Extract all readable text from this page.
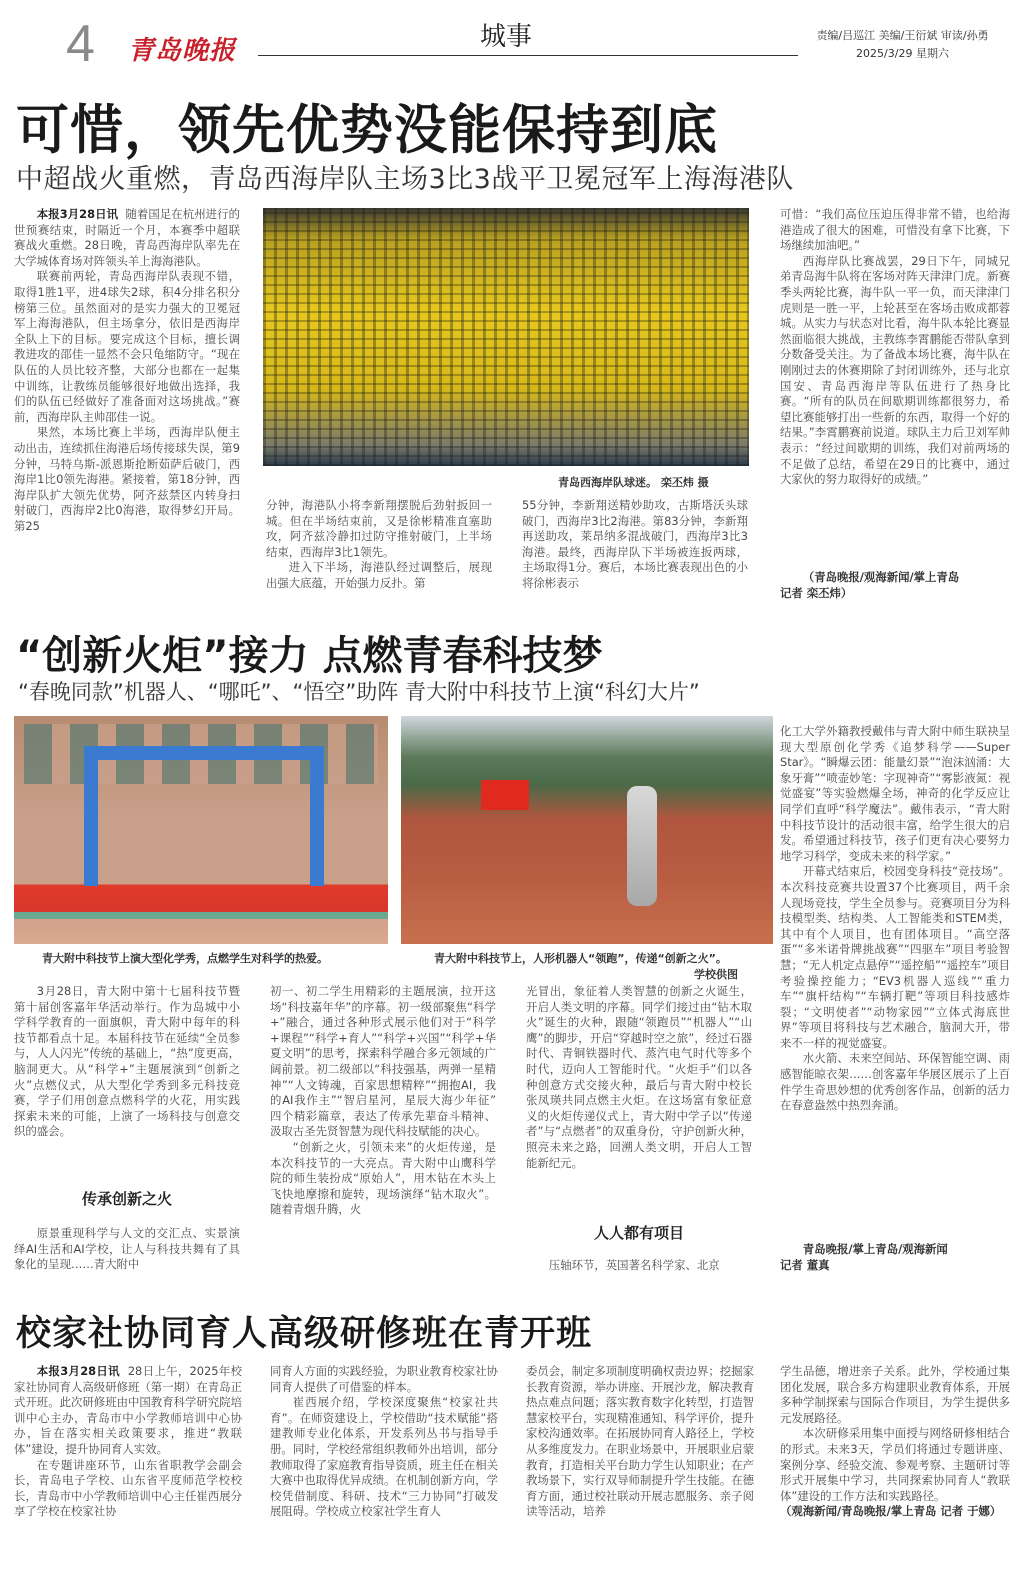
4 青岛晚报	城事	责编/吕巡江 美编/王衍斌 审读/孙勇
2025/3/29 星期六
可惜，领先优势没能保持到底
中超战火重燃，青岛西海岸队主场3比3战平卫冕冠军上海海港队

本报3月28日讯 随着国足在杭州进行的世预赛结束，时隔近一个月，本赛季中超联赛战火重燃。28日晚，青岛西海岸队率先在大学城体育场对阵领头羊上海海港队。

联赛前两轮，青岛西海岸队表现不错，取得1胜1平，进4球失2球，积4分排名积分榜第三位。虽然面对的是实力强大的卫冕冠军上海海港队，但主场拿分，依旧是西海岸全队上下的目标。要完成这个目标，擅长调教进攻的邵佳一显然不会只龟缩防守。“现在队伍的人员比较齐整，大部分也都在一起集中训练，让教练员能够很好地做出选择，我们的队伍已经做好了准备面对这场挑战。”赛前，西海岸队主帅邵佳一说。

果然，本场比赛上半场，西海岸队便主动出击，连续抓住海港后场传接球失误，第9分钟，马特乌斯-派恩斯抢断茹萨后破门，西海岸1比0领先海港。紧接着，第18分钟，西海岸队扩大领先优势，阿齐兹禁区内转身扫射破门，西海岸2比0海港，取得梦幻开局。第25

青岛西海岸队球迷。 栾丕炜 摄

分钟，海港队小将李新翔摆脱后劲射扳回一城。但在半场结束前，又是徐彬精准直塞助攻，阿齐兹冷静扣过防守推射破门，上半场结束，西海岸3比1领先。

进入下半场，海港队经过调整后，展现出强大底蕴，开始强力反扑。第

55分钟，李新翔送精妙助攻，古斯塔沃头球破门，西海岸3比2海港。第83分钟，李新翔再送助攻，莱昂纳多混战破门，西海岸3比3海港。最终，西海岸队下半场被连扳两球，主场取得1分。赛后，本场比赛表现出色的小将徐彬表示

可惜：“我们高位压迫压得非常不错，也给海港造成了很大的困难，可惜没有拿下比赛，下场继续加油吧。”

西海岸队比赛战罢，29日下午，同城兄弟青岛海牛队将在客场对阵天津津门虎。新赛季头两轮比赛，海牛队一平一负，而天津津门虎则是一胜一平，上轮甚至在客场击败成都蓉城。从实力与状态对比看，海牛队本轮比赛显然面临很大挑战，主教练李霄鹏能否带队拿到分数备受关注。为了备战本场比赛，海牛队在刚刚过去的休赛期除了封闭训练外，还与北京国安、青岛西海岸等队伍进行了热身比赛。“所有的队员在间歇期训练都很努力，希望比赛能够打出一些新的东西，取得一个好的结果。”李霄鹏赛前说道。球队主力后卫刘军帅表示：“经过间歇期的训练，我们对前两场的不足做了总结，希望在29日的比赛中，通过大家伙的努力取得好的成绩。”

（青岛晚报/观海新闻/掌上青岛

记者 栾丕炜）

“创新火炬”接力 点燃青春科技梦
“春晚同款”机器人、“哪吒”、“悟空”助阵 青大附中科技节上演“科幻大片”
青大附中科技节上演大型化学秀，点燃学生对科学的热爱。	青大附中科技节上，人形机器人“领跑”，传递“创新之火”。
学校供图

3月28日，青大附中第十七届科技节暨第十届创客嘉年华活动举行。作为岛城中小学科学教育的一面旗帜，青大附中每年的科技节都看点十足。本届科技节在延续“全员参与，人人闪光”传统的基础上，“热”度更高，脑洞更大。从“科学+”主题展演到“创新之火”点燃仪式，从大型化学秀到多元科技竞赛，学子们用创意点燃科学的火花，用实践探索未来的可能，上演了一场科技与创意交织的盛会。

传承创新之火

原景重现科学与人文的交汇点、实景演绎AI生活和AI学校，让人与科技共舞有了具象化的呈现……青大附中

初一、初二学生用精彩的主题展演，拉开这场“科技嘉年华”的序幕。初一级部聚焦“科学+”融合，通过各种形式展示他们对于“科学+课程”“科学+育人”“科学+兴国”“科学+华夏文明”的思考，探索科学融合多元领域的广阔前景。初二级部以“科技强基，两弹一星精神”“人文铸魂，百家思想精粹”“拥抱AI，我的AI我作主”“智启星河，星辰大海少年征” 四个精彩篇章，表达了传承先辈奋斗精神、汲取古圣先贤智慧为现代科技赋能的决心。

“创新之火，引领未来”的火炬传递，是本次科技节的一大亮点。青大附中山鹰科学院的师生装扮成“原始人”，用木钻在木头上飞快地摩擦和旋转，现场演绎“钻木取火”。随着青烟升腾，火

光冒出，象征着人类智慧的创新之火诞生，开启人类文明的序幕。同学们接过由“钻木取火”诞生的火种，跟随“领跑员”“机器人”“山鹰”的脚步，开启“穿越时空之旅”，经过石器时代、青铜铁器时代、蒸汽电气时代等多个时代，迈向人工智能时代。“火炬手”们以各种创意方式交接火种，最后与青大附中校长张凤瑛共同点燃主火炬。在这场富有象征意义的火炬传递仪式上，青大附中学子以“传递者”与“点燃者”的双重身份，守护创新火种，照亮未来之路，回溯人类文明，开启人工智能新纪元。

人人都有项目

压轴环节，英国著名科学家、北京

化工大学外籍教授戴伟与青大附中师生联袂呈现大型原创化学秀《追梦科学——Super Star》。“瞬爆云团：能量幻景”“泡沫汹涌：大象牙膏”“喷壶妙笔：字现神奇”“雾影液氮：视觉盛宴”等实验燃爆全场，神奇的化学反应让同学们直呼“科学魔法”。戴伟表示，“青大附中科技节设计的活动很丰富，给学生很大的启发。希望通过科技节，孩子们更有决心要努力地学习科学，变成未来的科学家。”

开幕式结束后，校园变身科技“竞技场”。本次科技竞赛共设置37个比赛项目，两千余人现场竞技，学生全员参与。竞赛项目分为科技模型类、结构类、人工智能类和STEM类，其中有个人项目，也有团体项目。“高空落蛋”“多米诺骨牌挑战赛”“四驱车”项目考验智慧；“无人机定点悬停”“遥控船”“遥控车”项目考验操控能力；“EV3机器人巡线”“重力车”“旗杆结构”“车辆打靶”等项目科技感炸裂；“文明使者”“动物家园”“立体式海底世界”等项目将科技与艺术融合，脑洞大开，带来不一样的视觉盛宴。

水火箭、未来空间站、环保智能空调、雨感智能晾衣架……创客嘉年华展区展示了上百件学生奇思妙想的优秀创客作品，创新的活力在春意盎然中热烈奔涌。

青岛晚报/掌上青岛/观海新闻

记者 董真

校家社协同育人高级研修班在青开班

本报3月28日讯 28日上午，2025年校家社协同育人高级研修班（第一期）在青岛正式开班。此次研修班由中国教育科学研究院培训中心主办，青岛市中小学教师培训中心协办，旨在落实相关政策要求，推进“教联体”建设，提升协同育人实效。

在专题讲座环节，山东省职教学会副会长，青岛电子学校、山东省平度师范学校校长，青岛市中小学教师培训中心主任崔西展分享了学校在校家社协

同育人方面的实践经验，为职业教育校家社协同育人提供了可借鉴的样本。

崔西展介绍，学校深度聚焦“校家社共育”。在师资建设上，学校借助“技术赋能”搭建教师专业化体系，开发系列丛书与指导手册。同时，学校经常组织教师外出培训，部分教师取得了家庭教育指导资质，班主任在相关大赛中也取得优异成绩。在机制创新方向，学校凭借制度、科研、技术“三力协同”打破发展阻碍。学校成立校家社学生育人

委员会，制定多项制度明确权责边界；挖掘家长教育资源，举办讲座、开展沙龙，解决教育热点难点问题；落实教育数字化转型，打造智慧家校平台，实现精准通知、科学评价，提升家校沟通效率。在拓展协同育人路径上，学校从多维度发力。在职业场景中，开展职业启蒙教育，打造相关平台助力学生认知职业；在产教场景下，实行双导师制提升学生技能。在德育方面，通过校社联动开展志愿服务、亲子阅读等活动，培养

学生品德，增进亲子关系。此外，学校通过集团化发展，联合多方构建职业教育体系，开展多种学制探索与国际合作项目，为学生提供多元发展路径。

本次研修采用集中面授与网络研修相结合的形式。未来3天，学员们将通过专题讲座、案例分享、经验交流、参观考察、主题研讨等形式开展集中学习，共同探索协同育人“教联体”建设的工作方法和实践路径。

（观海新闻/青岛晚报/掌上青岛 记者 于娜）
